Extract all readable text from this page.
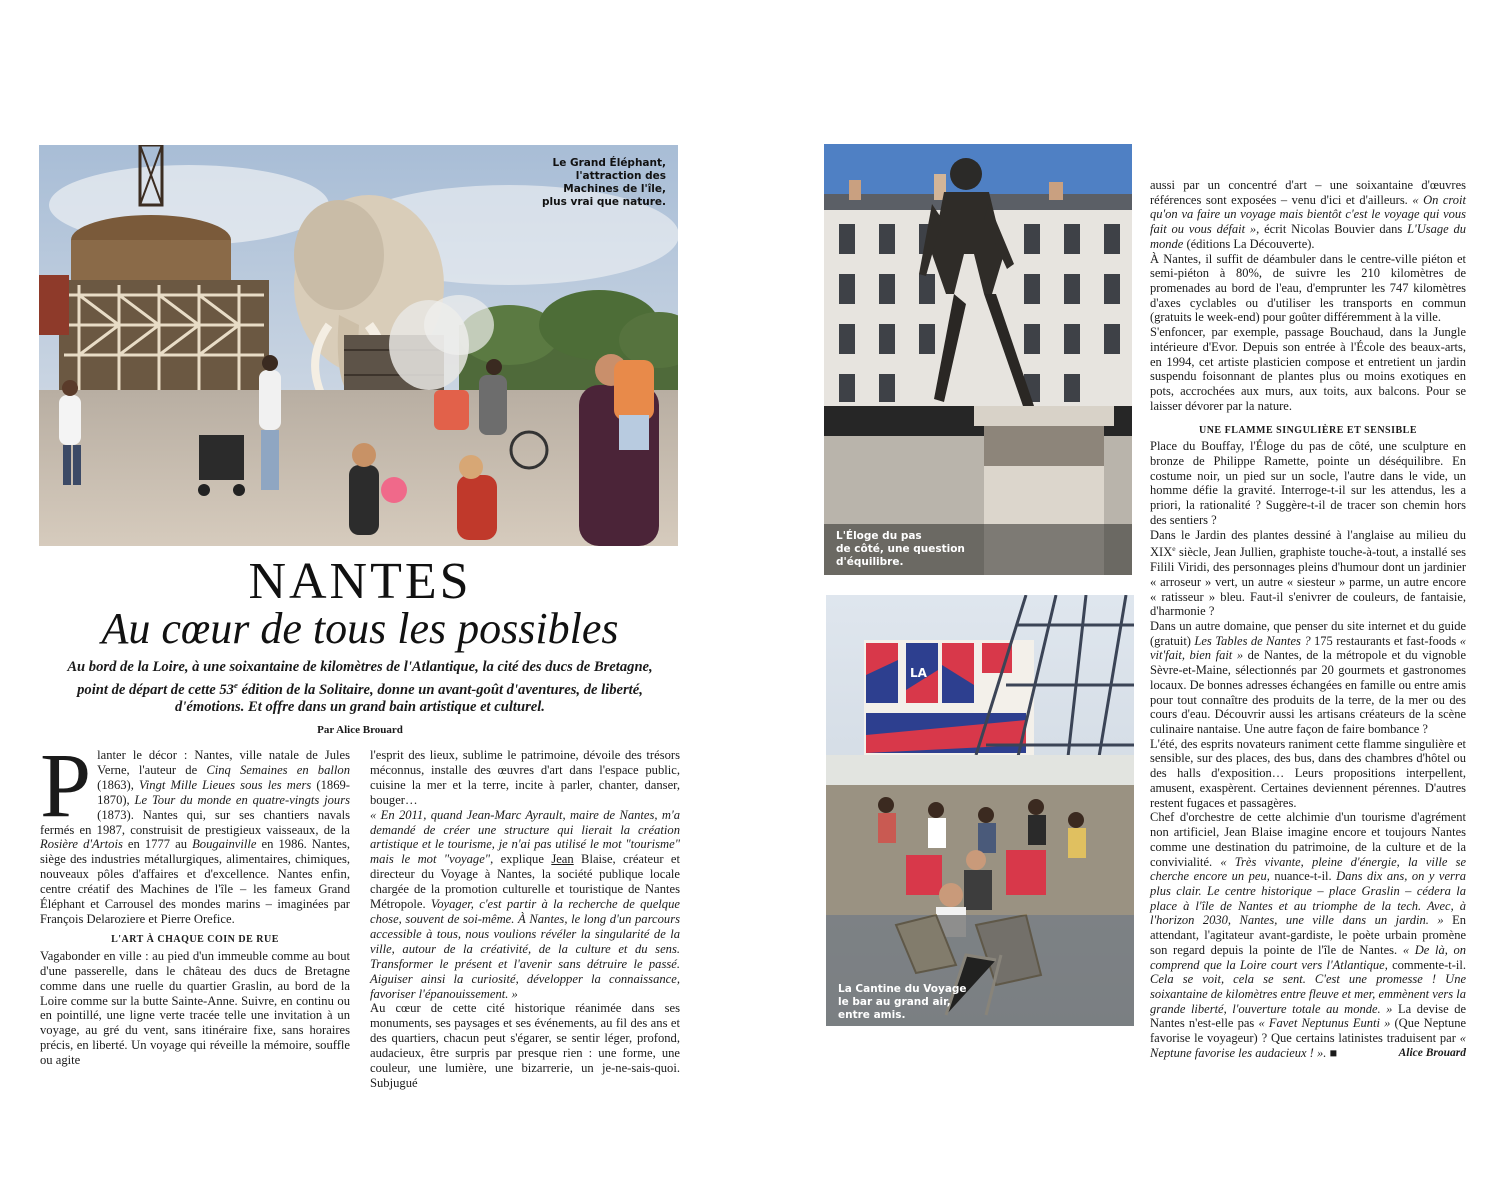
Le Grand Éléphant,
l'attraction des
Machines de l'île,
plus vrai que nature.
NANTES
Au cœur de tous les possibles
Au bord de la Loire, à une soixantaine de kilomètres de l'Atlantique, la cité des ducs de Bretagne, point de départ de cette 53e édition de la Solitaire, donne un avant-goût d'aventures, de liberté, d'émotions. Et offre dans un grand bain artistique et culturel.
Par Alice Brouard

Planter le décor : Nantes, ville natale de Jules Verne, l'auteur de Cinq Semaines en ballon (1863), Vingt Mille Lieues sous les mers (1869-1870), Le Tour du monde en quatre-vingts jours (1873). Nantes qui, sur ses chantiers navals fermés en 1987, construisit de prestigieux vaisseaux, de la Rosière d'Artois en 1777 au Bougainville en 1986. Nantes, siège des industries métallurgiques, alimentaires, chimiques, nouveaux pôles d'affaires et d'excellence. Nantes enfin, centre créatif des Machines de l'île – les fameux Grand Éléphant et Carrousel des mondes marins – imaginées par François Delaroziere et Pierre Orefice.

L'ART À CHAQUE COIN DE RUE

Vagabonder en ville : au pied d'un immeuble comme au bout d'une passerelle, dans le château des ducs de Bretagne comme dans une ruelle du quartier Graslin, au bord de la Loire comme sur la butte Sainte-Anne. Suivre, en continu ou en pointillé, une ligne verte tracée telle une invitation à un voyage, au gré du vent, sans itinéraire fixe, sans horaires précis, en liberté. Un voyage qui réveille la mémoire, souffle ou agite

l'esprit des lieux, sublime le patrimoine, dévoile des trésors méconnus, installe des œuvres d'art dans l'espace public, cuisine la mer et la terre, incite à parler, chanter, danser, bouger…

« En 2011, quand Jean-Marc Ayrault, maire de Nantes, m'a demandé de créer une structure qui lierait la création artistique et le tourisme, je n'ai pas utilisé le mot "tourisme" mais le mot "voyage", explique Jean Blaise, créateur et directeur du Voyage à Nantes, la société publique locale chargée de la promotion culturelle et touristique de Nantes Métropole. Voyager, c'est partir à la recherche de quelque chose, souvent de soi-même. À Nantes, le long d'un parcours accessible à tous, nous voulions révéler la singularité de la ville, autour de la créativité, de la culture et du sens. Transformer le présent et l'avenir sans détruire le passé. Aiguiser ainsi la curiosité, développer la connaissance, favoriser l'épanouissement. »

Au cœur de cette cité historique réanimée dans ses monuments, ses paysages et ses événements, au fil des ans et des quartiers, chacun peut s'égarer, se sentir léger, profond, audacieux, être surpris par presque rien : une forme, une couleur, une lumière, une bizarrerie, un je-ne-sais-quoi. Subjugué

L'Éloge du pas
de côté, une question
d'équilibre.
LA
La Cantine du Voyage
le bar au grand air,
entre amis.

aussi par un concentré d'art – une soixantaine d'œuvres références sont exposées – venu d'ici et d'ailleurs. « On croit qu'on va faire un voyage mais bientôt c'est le voyage qui vous fait ou vous défait », écrit Nicolas Bouvier dans L'Usage du monde (éditions La Découverte).

À Nantes, il suffit de déambuler dans le centre-ville piéton et semi-piéton à 80%, de suivre les 210 kilomètres de promenades au bord de l'eau, d'emprunter les 747 kilomètres d'axes cyclables ou d'utiliser les transports en commun (gratuits le week-end) pour goûter différemment à la ville.

S'enfoncer, par exemple, passage Bouchaud, dans la Jungle intérieure d'Evor. Depuis son entrée à l'École des beaux-arts, en 1994, cet artiste plasticien compose et entretient un jardin suspendu foisonnant de plantes plus ou moins exotiques en pots, accrochées aux murs, aux toits, aux balcons. Pour se laisser dévorer par la nature.

UNE FLAMME SINGULIÈRE ET SENSIBLE

Place du Bouffay, l'Éloge du pas de côté, une sculpture en bronze de Philippe Ramette, pointe un déséquilibre. En costume noir, un pied sur un socle, l'autre dans le vide, un homme défie la gravité. Interroge-t-il sur les attendus, les a priori, la rationalité ? Suggère-t-il de tracer son chemin hors des sentiers ?

Dans le Jardin des plantes dessiné à l'anglaise au milieu du XIXe siècle, Jean Jullien, graphiste touche-à-tout, a installé ses Filili Viridi, des personnages pleins d'humour dont un jardinier « arroseur » vert, un autre « siesteur » parme, un autre encore « ratisseur » bleu. Faut-il s'enivrer de couleurs, de fantaisie, d'harmonie ?

Dans un autre domaine, que penser du site internet et du guide (gratuit) Les Tables de Nantes ? 175 restaurants et fast-foods « vit'fait, bien fait » de Nantes, de la métropole et du vignoble Sèvre-et-Maine, sélectionnés par 20 gourmets et gastronomes locaux. De bonnes adresses échangées en famille ou entre amis pour tout connaître des produits de la terre, de la mer ou des cours d'eau. Découvrir aussi les artisans créateurs de la scène culinaire nantaise. Une autre façon de faire bombance ?

L'été, des esprits novateurs raniment cette flamme singulière et sensible, sur des places, des bus, dans des chambres d'hôtel ou des halls d'exposition… Leurs propositions interpellent, amusent, exaspèrent. Certaines deviennent pérennes. D'autres restent fugaces et passagères.

Chef d'orchestre de cette alchimie d'un tourisme d'agrément non artificiel, Jean Blaise imagine encore et toujours Nantes comme une destination du patrimoine, de la culture et de la convivialité. « Très vivante, pleine d'énergie, la ville se cherche encore un peu, nuance-t-il. Dans dix ans, on y verra plus clair. Le centre historique – place Graslin – cédera la place à l'île de Nantes et au triomphe de la tech. Avec, à l'horizon 2030, Nantes, une ville dans un jardin. » En attendant, l'agitateur avant-gardiste, le poète urbain promène son regard depuis la pointe de l'île de Nantes. « De là, on comprend que la Loire court vers l'Atlantique, commente-t-il. Cela se voit, cela se sent. C'est une promesse ! Une soixantaine de kilomètres entre fleuve et mer, emmènent vers la grande liberté, l'ouverture totale au monde. » La devise de Nantes n'est-elle pas « Favet Neptunus Eunti » (Que Neptune favorise le voyageur) ? Que certains latinistes traduisent par « Neptune favorise les audacieux ! ». ■	Alice Brouard
